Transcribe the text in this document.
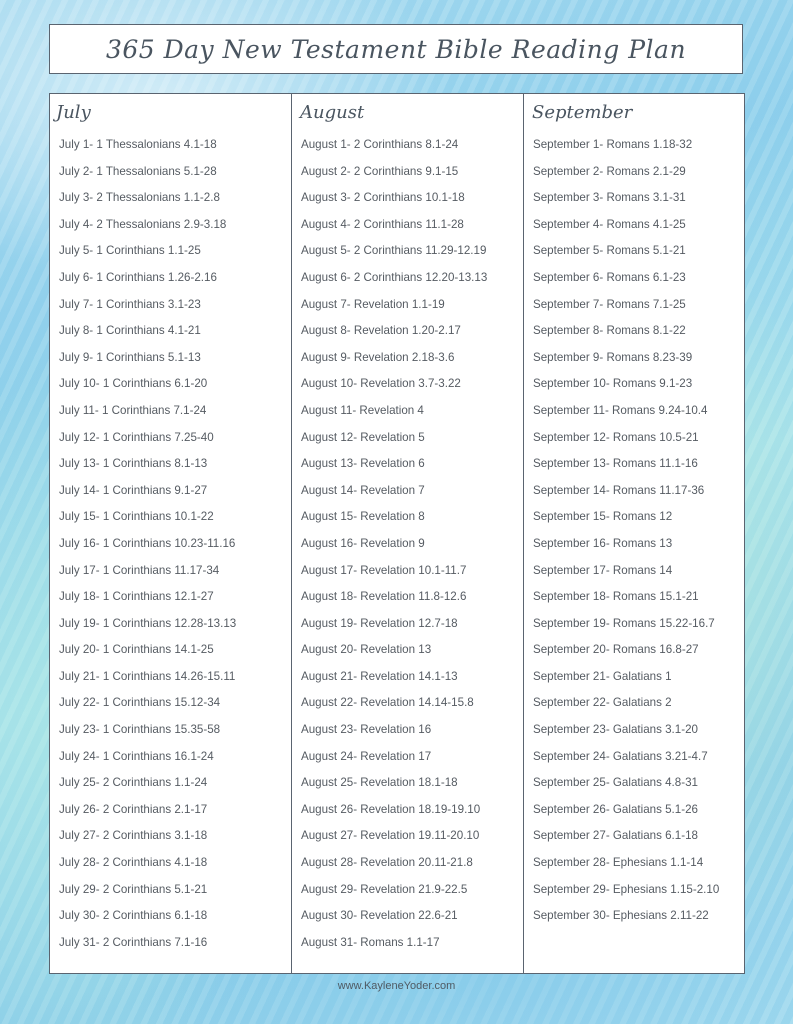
365 Day New Testament Bible Reading Plan
July
July 1- 1 Thessalonians 4.1-18
July 2- 1 Thessalonians 5.1-28
July 3- 2 Thessalonians 1.1-2.8
July 4- 2 Thessalonians 2.9-3.18
July 5- 1 Corinthians 1.1-25
July 6- 1 Corinthians 1.26-2.16
July 7- 1 Corinthians 3.1-23
July 8- 1 Corinthians 4.1-21
July 9- 1 Corinthians 5.1-13
July 10- 1 Corinthians 6.1-20
July 11- 1 Corinthians 7.1-24
July 12- 1 Corinthians 7.25-40
July 13- 1 Corinthians 8.1-13
July 14- 1 Corinthians 9.1-27
July 15- 1 Corinthians 10.1-22
July 16- 1 Corinthians 10.23-11.16
July 17- 1 Corinthians 11.17-34
July 18- 1 Corinthians 12.1-27
July 19- 1 Corinthians 12.28-13.13
July 20- 1 Corinthians 14.1-25
July 21- 1 Corinthians 14.26-15.11
July 22- 1 Corinthians 15.12-34
July 23- 1 Corinthians 15.35-58
July 24- 1 Corinthians 16.1-24
July 25- 2 Corinthians 1.1-24
July 26- 2 Corinthians 2.1-17
July 27- 2 Corinthians 3.1-18
July 28- 2 Corinthians 4.1-18
July 29- 2 Corinthians 5.1-21
July 30- 2 Corinthians 6.1-18
July 31- 2 Corinthians 7.1-16
August
August 1- 2 Corinthians 8.1-24
August 2- 2 Corinthians 9.1-15
August 3- 2 Corinthians 10.1-18
August 4- 2 Corinthians 11.1-28
August 5- 2 Corinthians 11.29-12.19
August 6- 2 Corinthians 12.20-13.13
August 7- Revelation 1.1-19
August 8- Revelation 1.20-2.17
August 9- Revelation 2.18-3.6
August 10- Revelation 3.7-3.22
August 11- Revelation 4
August 12- Revelation 5
August 13- Revelation 6
August 14- Revelation 7
August 15- Revelation 8
August 16- Revelation 9
August 17- Revelation 10.1-11.7
August 18- Revelation 11.8-12.6
August 19- Revelation 12.7-18
August 20- Revelation 13
August 21- Revelation 14.1-13
August 22- Revelation 14.14-15.8
August 23- Revelation 16
August 24- Revelation 17
August 25- Revelation 18.1-18
August 26- Revelation 18.19-19.10
August 27- Revelation 19.11-20.10
August 28- Revelation 20.11-21.8
August 29- Revelation 21.9-22.5
August 30- Revelation 22.6-21
August 31- Romans 1.1-17
September
September 1- Romans 1.18-32
September 2- Romans 2.1-29
September 3- Romans 3.1-31
September 4- Romans 4.1-25
September 5- Romans 5.1-21
September 6- Romans 6.1-23
September 7- Romans 7.1-25
September 8- Romans 8.1-22
September 9- Romans 8.23-39
September 10- Romans 9.1-23
September 11- Romans 9.24-10.4
September 12- Romans 10.5-21
September 13- Romans 11.1-16
September 14- Romans 11.17-36
September 15- Romans 12
September 16- Romans 13
September 17- Romans 14
September 18- Romans 15.1-21
September 19- Romans 15.22-16.7
September 20- Romans 16.8-27
September 21- Galatians 1
September 22- Galatians 2
September 23- Galatians 3.1-20
September 24- Galatians 3.21-4.7
September 25- Galatians 4.8-31
September 26- Galatians 5.1-26
September 27- Galatians 6.1-18
September 28- Ephesians 1.1-14
September 29- Ephesians 1.15-2.10
September 30- Ephesians 2.11-22
www.KayleneYoder.com
